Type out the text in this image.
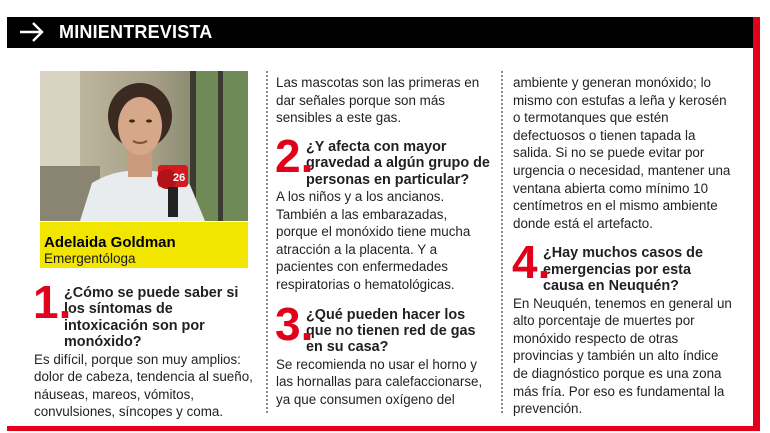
MINIENTREVISTA
26
Adelaida Goldman
Emergentóloga
1.

¿Cómo se puede saber si los síntomas de intoxicación son por monóxido?

Es difícil, porque son muy amplios: dolor de cabeza, tendencia al sueño, náuseas, mareos, vómitos, convulsiones, síncopes y coma.

Las mascotas son las primeras en dar señales porque son más sensibles a este gas.

2.

¿Y afecta con mayor gravedad a algún grupo de personas en particular?

A los niños y a los ancianos. También a las embarazadas, porque el monóxido tiene mucha atracción a la placenta. Y a pacientes con enfermedades respiratorias o hematológicas.

3.

¿Qué pueden hacer los que no tienen red de gas en su casa?

Se recomienda no usar el horno y las hornallas para calefaccionarse, ya que consumen oxígeno del

ambiente y generan monóxido; lo mismo con estufas a leña y kerosén o termotanques que estén defectuosos o tienen tapada la salida. Si no se puede evitar por urgencia o necesidad, mantener una ventana abierta como mínimo 10 centímetros en el mismo ambiente donde está el artefacto.

4.

¿Hay muchos casos de emergencias por esta causa en Neuquén?

En Neuquén, tenemos en general un alto porcentaje de muertes por monóxido respecto de otras provincias y también un alto índice de diagnóstico porque es una zona más fría. Por eso es fundamental la prevención.
